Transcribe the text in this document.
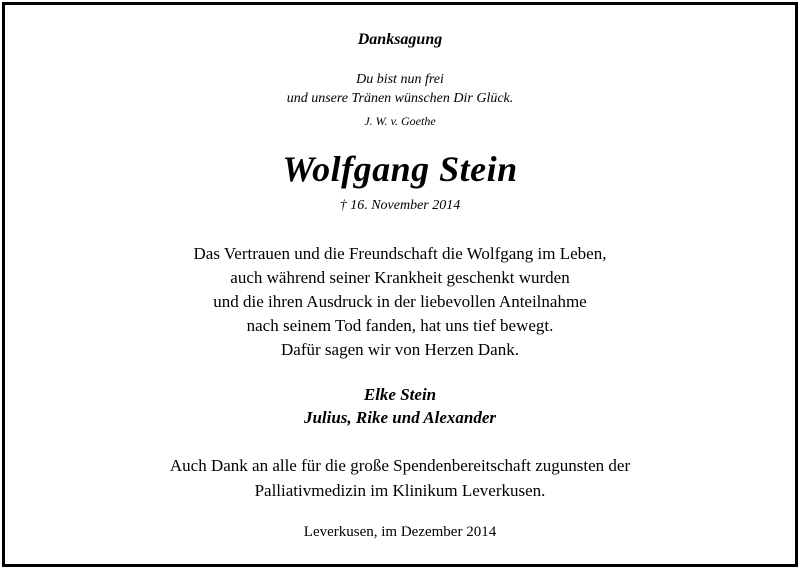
Danksagung
Du bist nun frei
und unsere Tränen wünschen Dir Glück.
J. W. v. Goethe
Wolfgang Stein
† 16. November 2014
Das Vertrauen und die Freundschaft die Wolfgang im Leben,
auch während seiner Krankheit geschenkt wurden
und die ihren Ausdruck in der liebevollen Anteilnahme
nach seinem Tod fanden, hat uns tief bewegt.
Dafür sagen wir von Herzen Dank.
Elke Stein
Julius, Rike und Alexander
Auch Dank an alle für die große Spendenbereitschaft zugunsten der
Palliativmedizin im Klinikum Leverkusen.
Leverkusen, im Dezember 2014
